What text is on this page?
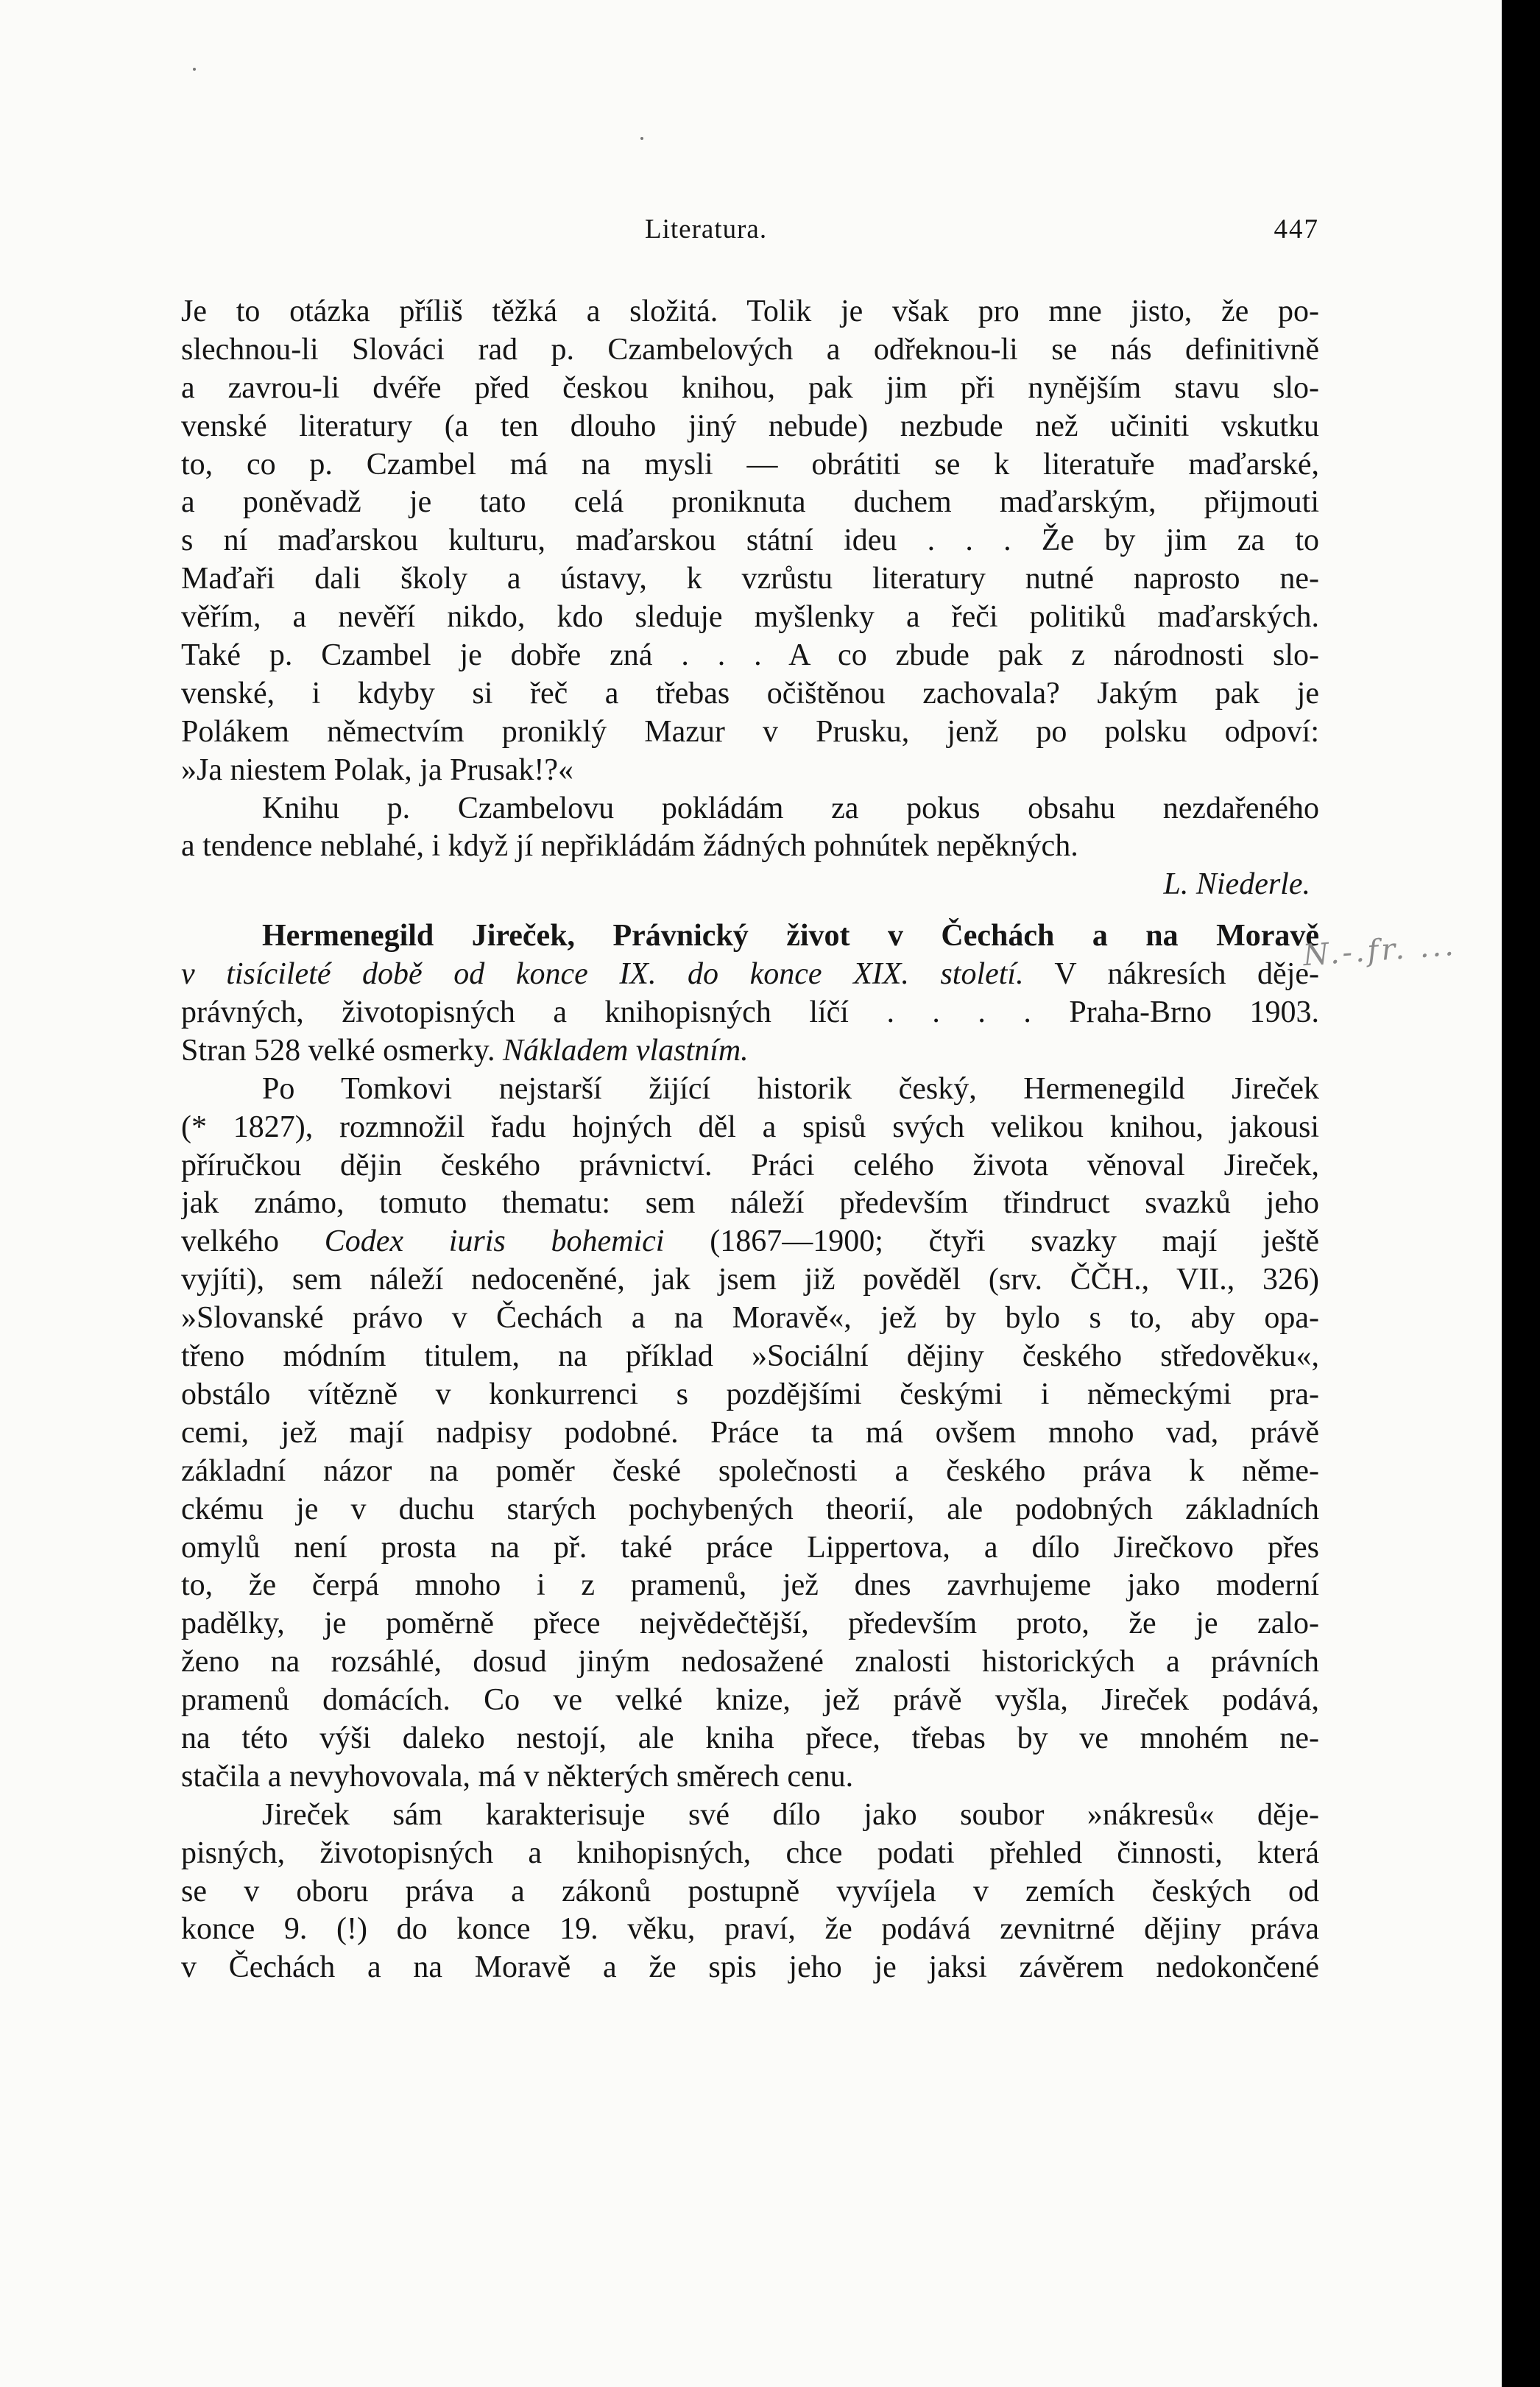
Literatura.	447
Je to otázka příliš těžká a složitá. Tolik je však pro mne jisto, že po-
slechnou-li Slováci rad p. Czambelových a odřeknou-li se nás definitivně
a zavrou-li dvéře před českou knihou, pak jim při nynějším stavu slo-
venské literatury (a ten dlouho jiný nebude) nezbude než učiniti vskutku
to, co p. Czambel má na mysli — obrátiti se k literatuře maďarské,
a poněvadž je tato celá proniknuta duchem maďarským, přijmouti
s ní maďarskou kulturu, maďarskou státní ideu . . . Že by jim za to
Maďaři dali školy a ústavy, k vzrůstu literatury nutné naprosto ne-
věřím, a nevěří nikdo, kdo sleduje myšlenky a řeči politiků maďarských.
Také p. Czambel je dobře zná . . . A co zbude pak z národnosti slo-
venské, i kdyby si řeč a třebas očištěnou zachovala? Jakým pak je
Polákem němectvím proniklý Mazur v Prusku, jenž po polsku odpoví:
»Ja niestem Polak, ja Prusak!?«
Knihu p. Czambelovu pokládám za pokus obsahu nezdařeného
a tendence neblahé, i když jí nepřikládám žádných pohnútek nepěkných.
L. Niederle.
Hermenegild Jireček, Právnický život v Čechách a na Moravě
v tisícileté době od konce IX. do konce XIX. století. V nákresích děje-
právných, životopisných a knihopisných líčí . . . . Praha-Brno 1903.
Stran 528 velké osmerky. Nákladem vlastním.
Po Tomkovi nejstarší žijící historik český, Hermenegild Jireček
(* 1827), rozmnožil řadu hojných děl a spisů svých velikou knihou, jakousi
příručkou dějin českého právnictví. Práci celého života věnoval Jireček,
jak známo, tomuto thematu: sem náleží především třindruct svazků jeho
velkého Codex iuris bohemici (1867—1900; čtyři svazky mají ještě
vyjíti), sem náleží nedoceněné, jak jsem již pověděl (srv. ČČH., VII., 326)
»Slovanské právo v Čechách a na Moravě«, jež by bylo s to, aby opa-
třeno módním titulem, na příklad »Sociální dějiny českého středověku«,
obstálo vítězně v konkurrenci s pozdějšími českými i německými pra-
cemi, jež mají nadpisy podobné. Práce ta má ovšem mnoho vad, právě
základní názor na poměr české společnosti a českého práva k něme-
ckému je v duchu starých pochybených theorií, ale podobných základních
omylů není prosta na př. také práce Lippertova, a dílo Jirečkovo přes
to, že čerpá mnoho i z pramenů, jež dnes zavrhujeme jako moderní
padělky, je poměrně přece nejvědečtější, především proto, že je zalo-
ženo na rozsáhlé, dosud jiným nedosažené znalosti historických a právních
pramenů domácích. Co ve velké knize, jež právě vyšla, Jireček podává,
na této výši daleko nestojí, ale kniha přece, třebas by ve mnohém ne-
stačila a nevyhovovala, má v některých směrech cenu.
Jireček sám karakterisuje své dílo jako soubor »nákresů« děje-
pisných, životopisných a knihopisných, chce podati přehled činnosti, která
se v oboru práva a zákonů postupně vyvíjela v zemích českých od
konce 9. (!) do konce 19. věku, praví, že podává zevnitrné dějiny práva
v Čechách a na Moravě a že spis jeho je jaksi závěrem nedokončené
N.-.fr. ...
